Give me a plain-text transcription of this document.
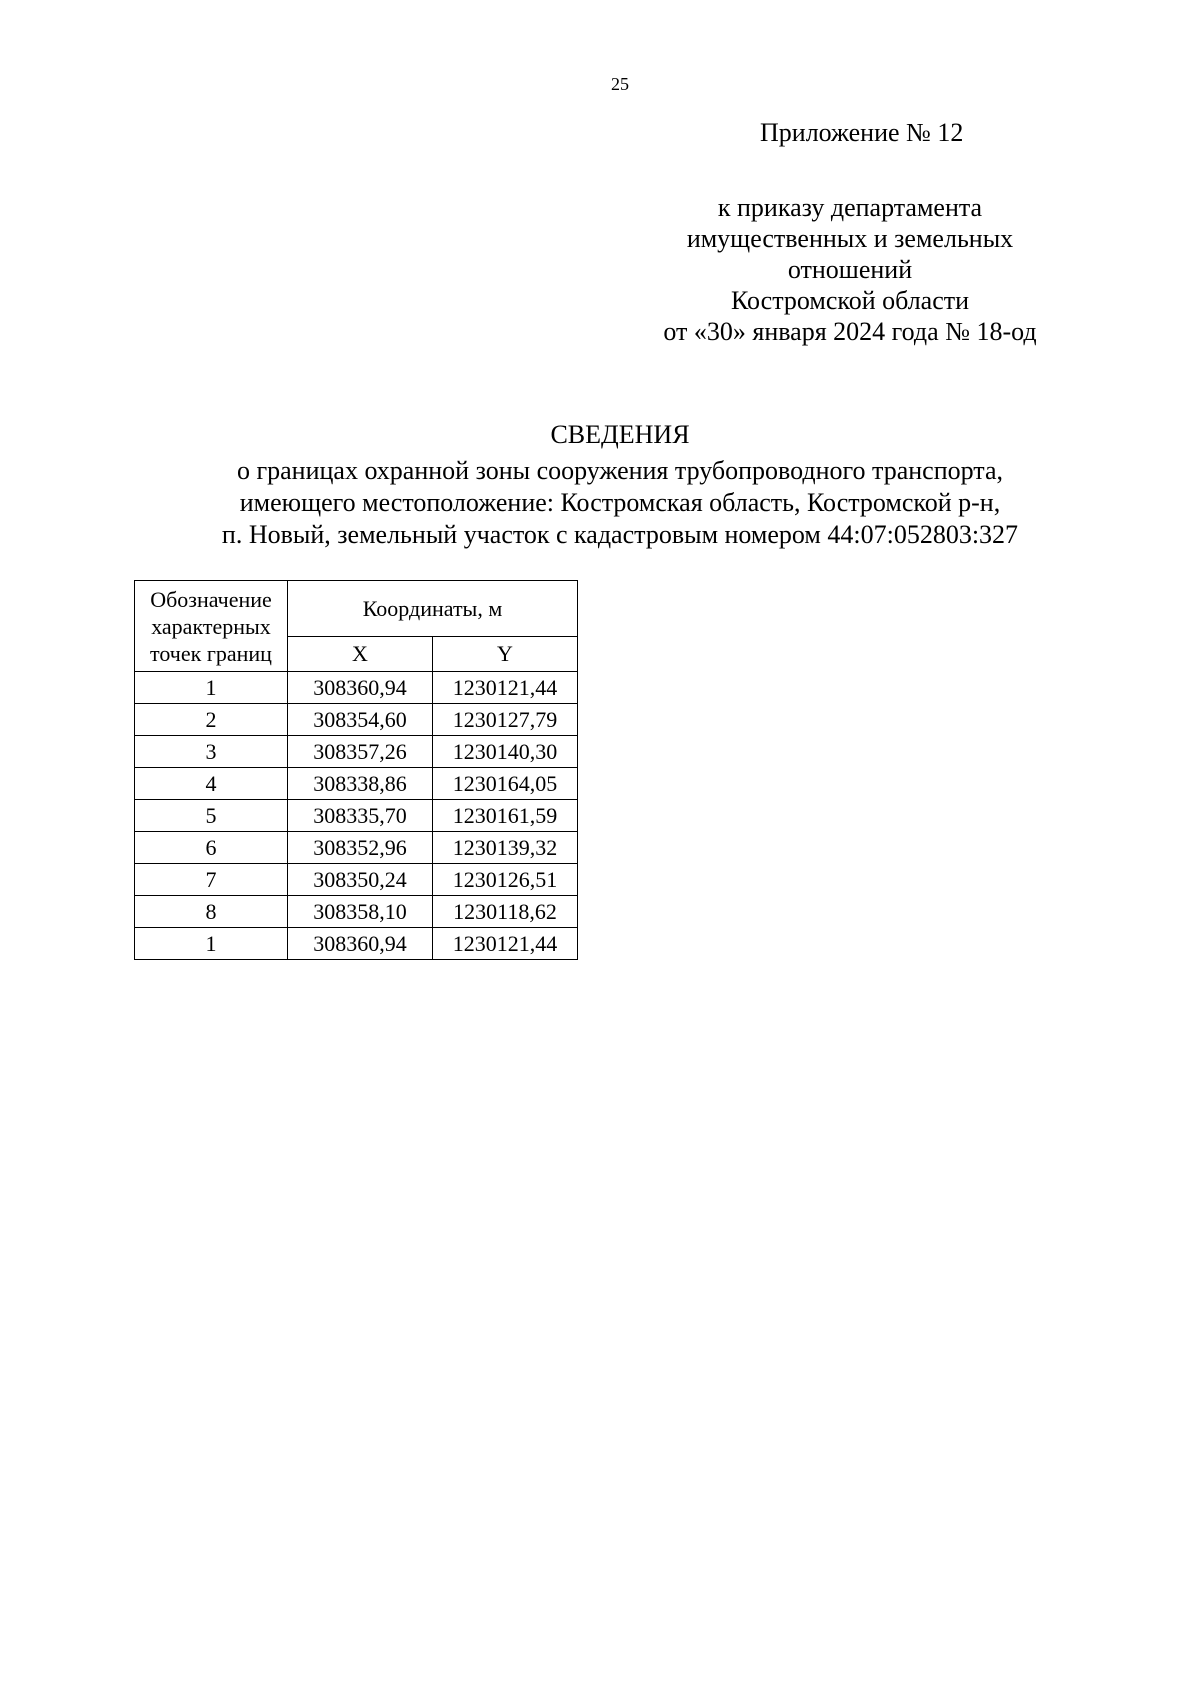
25
Приложение № 12
к приказу департамента
имущественных и земельных
отношений
Костромской области
от «30» января 2024 года № 18-од
СВЕДЕНИЯ
о границах охранной зоны сооружения трубопроводного транспорта,
имеющего местоположение: Костромская область, Костромской р-н,
п. Новый, земельный участок с кадастровым номером 44:07:052803:327
Обозначение
характерных
точек границ	Координаты, м	
	X	Y
1	308360,94	1230121,44
2	308354,60	1230127,79
3	308357,26	1230140,30
4	308338,86	1230164,05
5	308335,70	1230161,59
6	308352,96	1230139,32
7	308350,24	1230126,51
8	308358,10	1230118,62
1	308360,94	1230121,44
